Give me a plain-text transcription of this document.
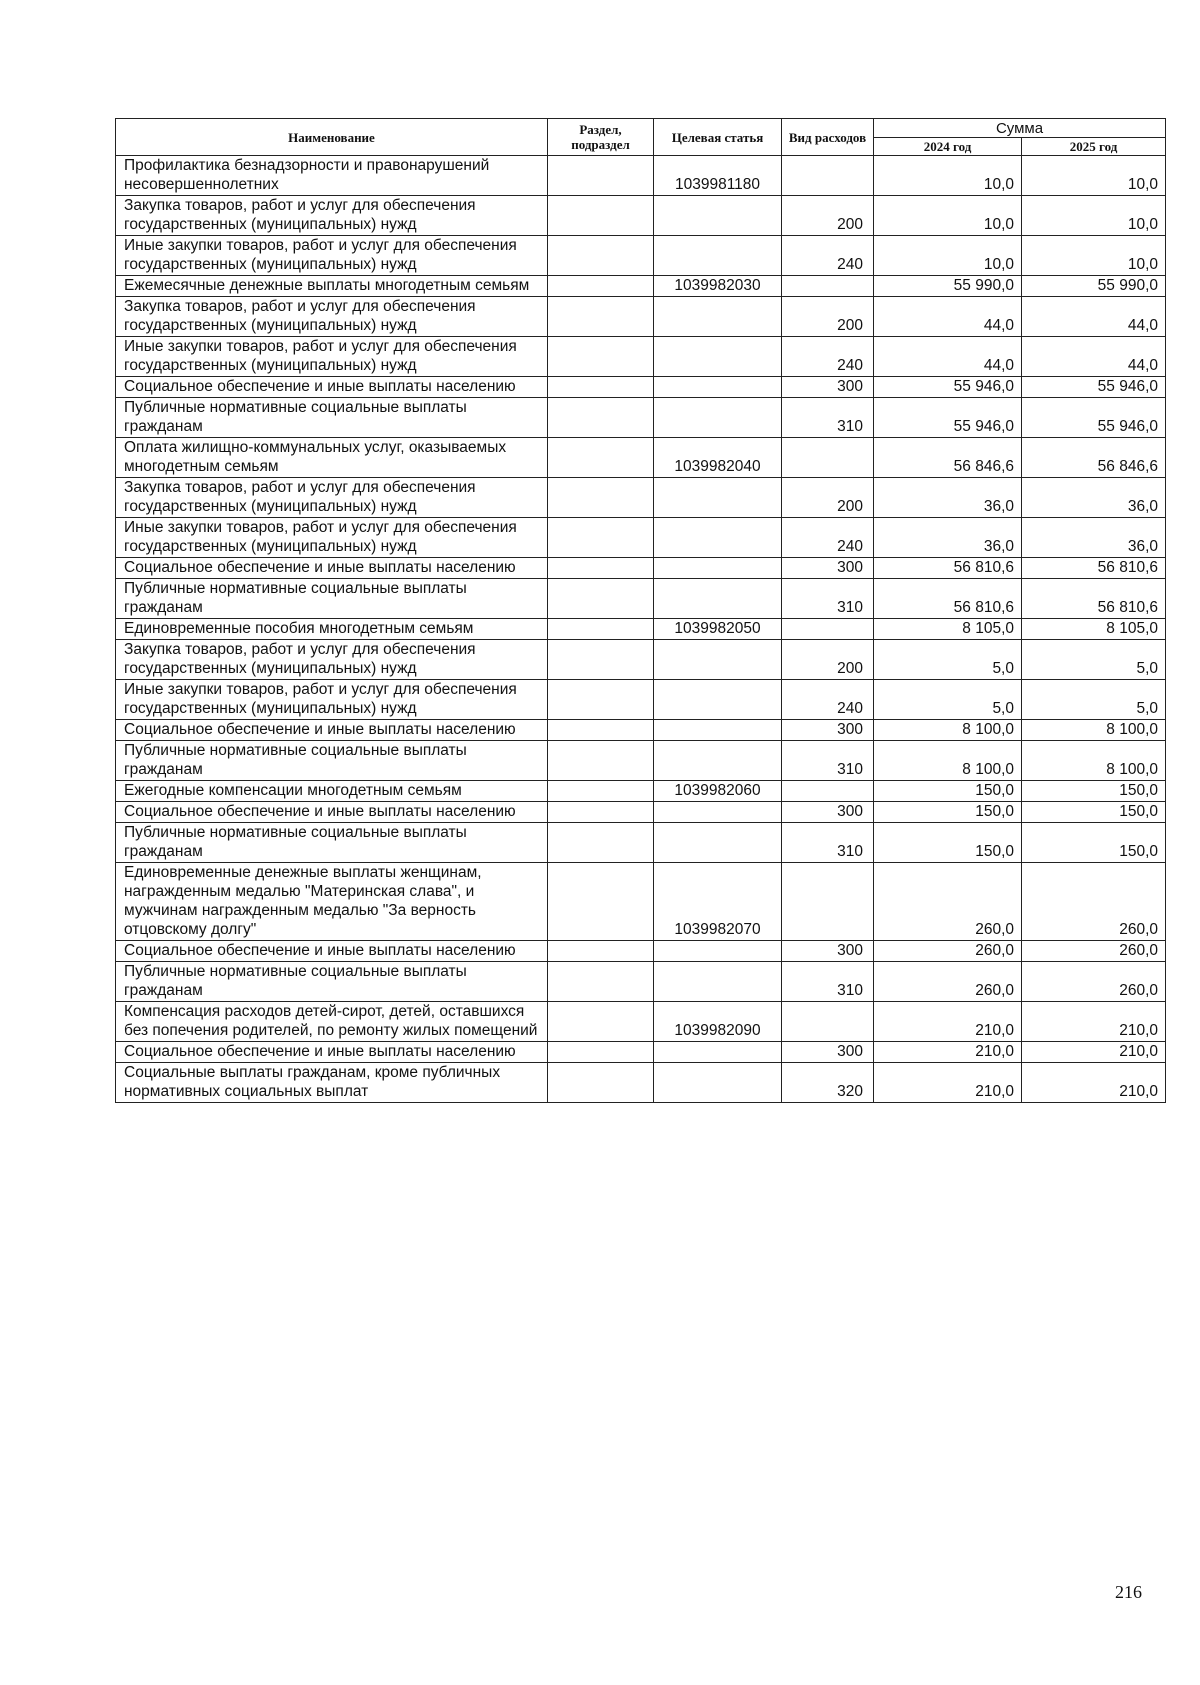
Наименование	Раздел, подраздел	Целевая статья	Вид расходов	Сумма	
				2024 год	2025 год
Профилактика безнадзорности и правонарушений несовершеннолетних		1039981180		10,0	10,0
Закупка товаров, работ и услуг для обеспечения государственных (муниципальных) нужд			200	10,0	10,0
Иные закупки товаров, работ и услуг для обеспечения государственных (муниципальных) нужд			240	10,0	10,0
Ежемесячные денежные выплаты многодетным семьям		1039982030		55 990,0	55 990,0
Закупка товаров, работ и услуг для обеспечения государственных (муниципальных) нужд			200	44,0	44,0
Иные закупки товаров, работ и услуг для обеспечения государственных (муниципальных) нужд			240	44,0	44,0
Социальное обеспечение и иные выплаты населению			300	55 946,0	55 946,0
Публичные нормативные социальные выплаты гражданам			310	55 946,0	55 946,0
Оплата жилищно-коммунальных услуг, оказываемых многодетным семьям		1039982040		56 846,6	56 846,6
Закупка товаров, работ и услуг для обеспечения государственных (муниципальных) нужд			200	36,0	36,0
Иные закупки товаров, работ и услуг для обеспечения государственных (муниципальных) нужд			240	36,0	36,0
Социальное обеспечение и иные выплаты населению			300	56 810,6	56 810,6
Публичные нормативные социальные выплаты гражданам			310	56 810,6	56 810,6
Единовременные пособия многодетным семьям		1039982050		8 105,0	8 105,0
Закупка товаров, работ и услуг для обеспечения государственных (муниципальных) нужд			200	5,0	5,0
Иные закупки товаров, работ и услуг для обеспечения государственных (муниципальных) нужд			240	5,0	5,0
Социальное обеспечение и иные выплаты населению			300	8 100,0	8 100,0
Публичные нормативные социальные выплаты гражданам			310	8 100,0	8 100,0
Ежегодные компенсации многодетным семьям		1039982060		150,0	150,0
Социальное обеспечение и иные выплаты населению			300	150,0	150,0
Публичные нормативные социальные выплаты гражданам			310	150,0	150,0
Единовременные денежные выплаты женщинам, награжденным медалью "Материнская слава", и мужчинам награжденным медалью "За верность отцовскому долгу"		1039982070		260,0	260,0
Социальное обеспечение и иные выплаты населению			300	260,0	260,0
Публичные нормативные социальные выплаты гражданам			310	260,0	260,0
Компенсация расходов детей-сирот, детей, оставшихся без попечения родителей, по ремонту жилых помещений		1039982090		210,0	210,0
Социальное обеспечение и иные выплаты населению			300	210,0	210,0
Социальные выплаты гражданам, кроме публичных нормативных социальных выплат			320	210,0	210,0
216
